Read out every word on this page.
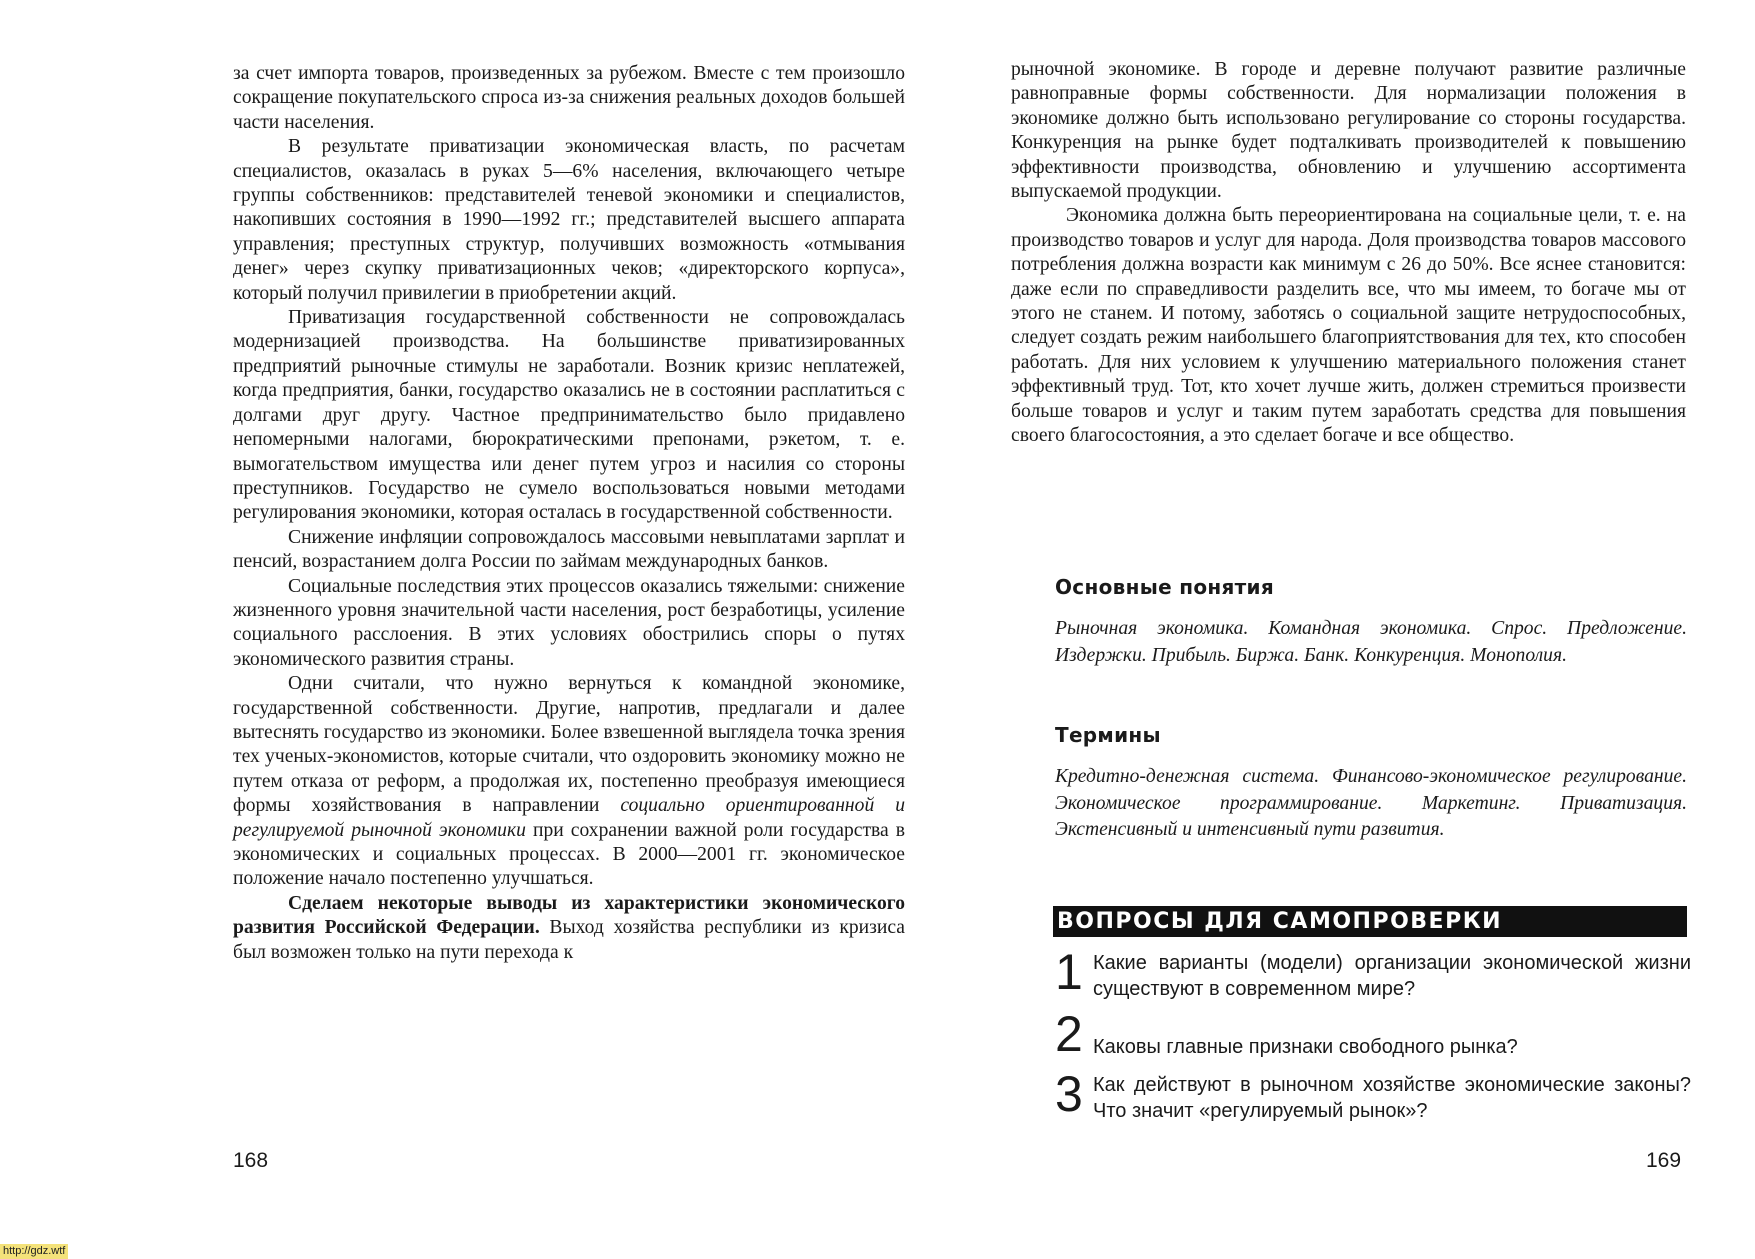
за счет импорта товаров, произведенных за рубежом. Вместе с тем произошло сокращение покупательского спроса из-за снижения реальных доходов большей части населения.

В результате приватизации экономическая власть, по расчетам специалистов, оказалась в руках 5—6% населения, включающего четыре группы собственников: представителей теневой экономики и специалистов, накопивших состояния в 1990—1992 гг.; представителей высшего аппарата управления; преступных структур, получивших возможность «отмывания денег» через скупку приватизационных чеков; «директорского корпуса», который получил привилегии в приобретении акций.

Приватизация государственной собственности не сопровождалась модернизацией производства. На большинстве приватизированных предприятий рыночные стимулы не заработали. Возник кризис неплатежей, когда предприятия, банки, государство оказались не в состоянии расплатиться с долгами друг другу. Частное предпринимательство было придавлено непомерными налогами, бюрократическими препонами, рэкетом, т. е. вымогательством имущества или денег путем угроз и насилия со стороны преступников. Государство не сумело воспользоваться новыми методами регулирования экономики, которая осталась в государственной собственности.

Снижение инфляции сопровождалось массовыми невыплатами зарплат и пенсий, возрастанием долга России по займам международных банков.

Социальные последствия этих процессов оказались тяжелыми: снижение жизненного уровня значительной части населения, рост безработицы, усиление социального расслоения. В этих условиях обострились споры о путях экономического развития страны.

Одни считали, что нужно вернуться к командной экономике, государственной собственности. Другие, напротив, предлагали и далее вытеснять государство из экономики. Более взвешенной выглядела точка зрения тех ученых-экономистов, которые считали, что оздоровить экономику можно не путем отказа от реформ, а продолжая их, постепенно преобразуя имеющиеся формы хозяйствования в направлении социально ориентированной и регулируемой рыночной экономики при сохранении важной роли государства в экономических и социальных процессах. В 2000—2001 гг. экономическое положение начало постепенно улучшаться.

Сделаем некоторые выводы из характеристики экономического развития Российской Федерации. Выход хозяйства республики из кризиса был возможен только на пути перехода к

168

рыночной экономике. В городе и деревне получают развитие различные равноправные формы собственности. Для нормализации положения в экономике должно быть использовано регулирование со стороны государства. Конкуренция на рынке будет подталкивать производителей к повышению эффективности производства, обновлению и улучшению ассортимента выпускаемой продукции.

Экономика должна быть переориентирована на социальные цели, т. е. на производство товаров и услуг для народа. Доля производства товаров массового потребления должна возрасти как минимум с 26 до 50%. Все яснее становится: даже если по справедливости разделить все, что мы имеем, то богаче мы от этого не станем. И потому, заботясь о социальной защите нетрудоспособных, следует создать режим наибольшего благоприятствования для тех, кто способен работать. Для них условием к улучшению материального положения станет эффективный труд. Тот, кто хочет лучше жить, должен стремиться произвести больше товаров и услуг и таким путем заработать средства для повышения своего благосостояния, а это сделает богаче и все общество.

Основные понятия
Рыночная экономика. Командная экономика. Спрос. Предложение. Издержки. Прибыль. Биржа. Банк. Конкуренция. Монополия.
Термины
Кредитно-денежная система. Финансово-экономическое регулирование. Экономическое программирование. Маркетинг. Приватизация. Экстенсивный и интенсивный пути развития.
ВОПРОСЫ ДЛЯ САМОПРОВЕРКИ
1 Какие варианты (модели) организации экономической жизни существуют в современном мире?
2 Каковы главные признаки свободного рынка?
3 Как действуют в рыночном хозяйстве экономические законы? Что значит «регулируемый рынок»?
169
http://gdz.wtf
